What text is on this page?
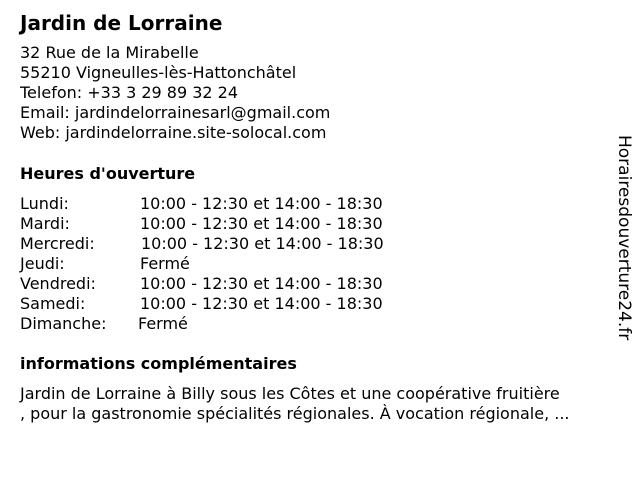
Jardin de Lorraine
32 Rue de la Mirabelle
55210 Vigneulles-lès-Hattonchâtel
Telefon: +33 3 29 89 32 24
Email: jardindelorrainesarl@gmail.com
Web: jardindelorraine.site-solocal.com
Heures d'ouverture
Lundi:	10:00 - 12:30 et 14:00 - 18:30
Mardi:	10:00 - 12:30 et 14:00 - 18:30
Mercredi:	10:00 - 12:30 et 14:00 - 18:30
Jeudi:	Fermé
Vendredi:	10:00 - 12:30 et 14:00 - 18:30
Samedi:	10:00 - 12:30 et 14:00 - 18:30
Dimanche: Fermé
informations complémentaires
Jardin de Lorraine à Billy sous les Côtes et une coopérative fruitière
, pour la gastronomie spécialités régionales. À vocation régionale, ...
Horairesdouverture24.fr
